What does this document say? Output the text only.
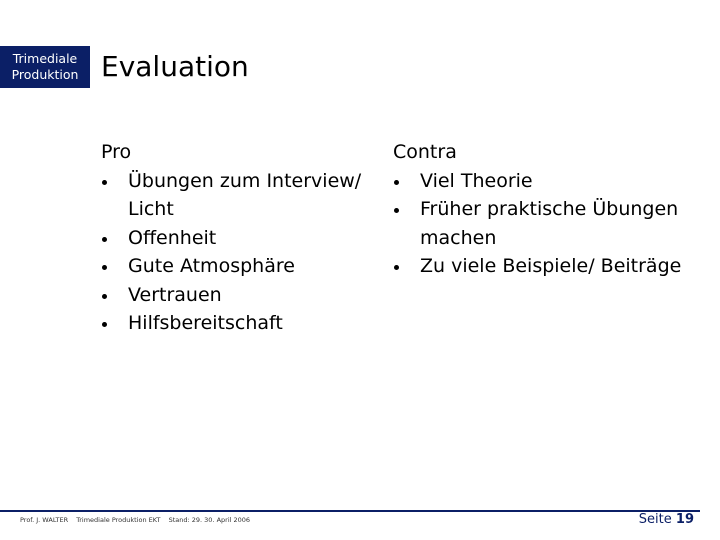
Trimediale
Produktion Evaluation
Pro
Übungen zum Interview/ Licht
Offenheit
Gute Atmosphäre
Vertrauen
Hilfsbereitschaft
Contra
Viel Theorie
Früher praktische Übungen machen
Zu viele Beispiele/ Beiträge
Prof. J. WALTER Trimediale Produktion EKT Stand: 29. 30. April 2006	Seite 19
